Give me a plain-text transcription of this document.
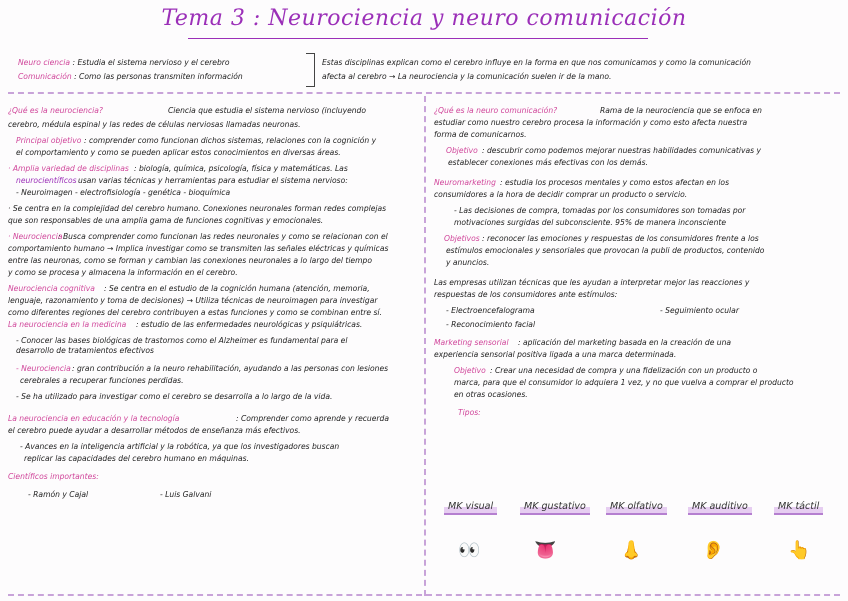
Tema 3 : Neurociencia y neuro comunicación
Neuro ciencia : Estudia el sistema nervioso y el cerebro
Comunicación : Como las personas transmiten información
Estas disciplinas explican como el cerebro influye en la forma en que nos comunicamos y como la comunicación
afecta al cerebro → La neurociencia y la comunicación suelen ir de la mano.
¿Qué es la neurociencia?	Ciencia que estudia el sistema nervioso (incluyendo
cerebro, médula espinal y las redes de células nerviosas llamadas neuronas.
Principal objetivo : comprender como funcionan dichos sistemas, relaciones con la cognición y
el comportamiento y como se pueden aplicar estos conocimientos en diversas áreas.
· Amplia variedad de disciplinas : biología, química, psicología, física y matemáticas. Las
neurocientíficos usan varias técnicas y herramientas para estudiar el sistema nervioso:
- Neuroimagen - electrofisiología - genética - bioquímica
· Se centra en la complejidad del cerebro humano. Conexiones neuronales forman redes complejas
que son responsables de una amplia gama de funciones cognitivas y emocionales.
· Neurociencia
: Busca comprender como funcionan las redes neuronales y como se relacionan con el
comportamiento humano → Implica investigar como se transmiten las señales eléctricas y químicas
entre las neuronas, como se forman y cambian las conexiones neuronales a lo largo del tiempo
y como se procesa y almacena la información en el cerebro.
Neurociencia cognitiva : Se centra en el estudio de la cognición humana (atención, memoria,
lenguaje, razonamiento y toma de decisiones) → Utiliza técnicas de neuroimagen para investigar
como diferentes regiones del cerebro contribuyen a estas funciones y como se combinan entre sí.
La neurociencia en la medicina : estudio de las enfermedades neurológicas y psiquiátricas.
- Conocer las bases biológicas de trastornos como el Alzheimer es fundamental para el
desarrollo de tratamientos efectivos
- Neurociencia : gran contribución a la neuro rehabilitación, ayudando a las personas con lesiones
cerebrales a recuperar funciones perdidas.
- Se ha utilizado para investigar como el cerebro se desarrolla a lo largo de la vida.
La neurociencia en educación y la tecnología	: Comprender como aprende y recuerda
el cerebro puede ayudar a desarrollar métodos de enseñanza más efectivos.
- Avances en la inteligencia artificial y la robótica, ya que los investigadores buscan
replicar las capacidades del cerebro humano en máquinas.
Científicos importantes:
- Ramón y Cajal	- Luis Galvani
¿Qué es la neuro comunicación?	Rama de la neurociencia que se enfoca en
estudiar como nuestro cerebro procesa la información y como esto afecta nuestra
forma de comunicarnos.
Objetivo : descubrir como podemos mejorar nuestras habilidades comunicativas y
establecer conexiones más efectivas con los demás.
Neuromarketing : estudia los procesos mentales y como estos afectan en los
consumidores a la hora de decidir comprar un producto o servicio.
- Las decisiones de compra, tomadas por los consumidores son tomadas por
motivaciones surgidas del subconsciente. 95% de manera inconsciente
Objetivos : reconocer las emociones y respuestas de los consumidores frente a los
estímulos emocionales y sensoriales que provocan la publi de productos, contenido
y anuncios.
Las empresas utilizan técnicas que les ayudan a interpretar mejor las reacciones y
respuestas de los consumidores ante estímulos:
- Electroencefalograma	- Seguimiento ocular
- Reconocimiento facial
Marketing sensorial : aplicación del marketing basada en la creación de una
experiencia sensorial positiva ligada a una marca determinada.
Objetivo : Crear una necesidad de compra y una fidelización con un producto o
marca, para que el consumidor lo adquiera 1 vez, y no que vuelva a comprar el producto
en otras ocasiones.
Tipos:
MK visual
👀
MK gustativo
👅
MK olfativo
👃
MK auditivo
👂
MK táctil
👆
